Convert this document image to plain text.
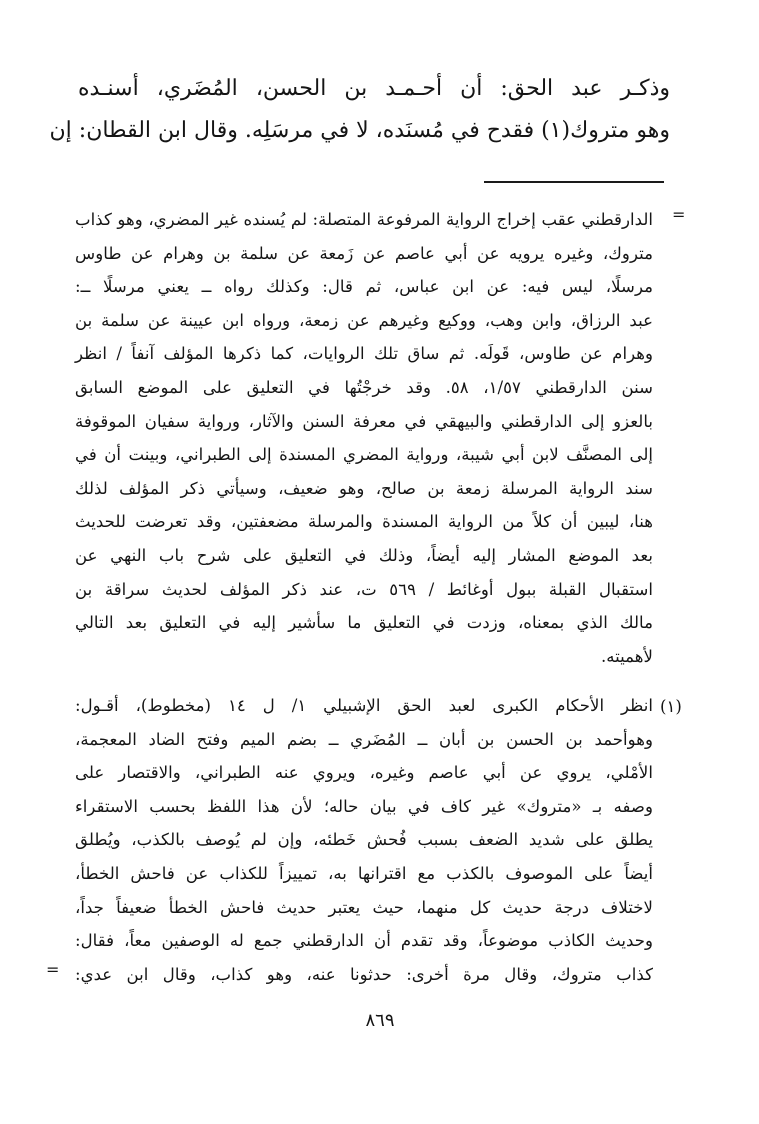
وذكـر عبد الحق: أن أحـمـد بن الحسن، المُضَري، أسنـده
وهو متروك(١) فقدح في مُسنَده، لا في مرسَلِه. وقال ابن القطان: إن
=
الدارقطني عقب إخراج الرواية المرفوعة المتصلة: لم يُسنده غير المضري، وهو كذاب
متروك، وغيره يرويه عن أبي عاصم عن زَمعة عن سلمة بن وهرام عن طاوس
مرسلًا، ليس فيه: عن ابن عباس، ثم قال: وكذلك رواه ــ يعني مرسلًا ــ:
عبد الرزاق، وابن وهب، ووكيع وغيرهم عن زمعة، ورواه ابن عيينة عن سلمة بن
وهرام عن طاوس، قَولَه. ثم ساق تلك الروايات، كما ذكرها المؤلف آنفاً / انظر
سنن الدارقطني ١/٥٧، ٥٨. وقد خرجْتُها في التعليق على الموضع السابق
بالعزو إلى الدارقطني والبيهقي في معرفة السنن والآثار، ورواية سفيان الموقوفة
إلى المصنَّف لابن أبي شيبة، ورواية المضري المسندة إلى الطبراني، وبينت أن في
سند الرواية المرسلة زمعة بن صالح، وهو ضعيف، وسيأتي ذكر المؤلف لذلك
هنا، ليبين أن كلاً من الرواية المسندة والمرسلة مضعفتين، وقد تعرضت للحديث
بعد الموضع المشار إليه أيضاً، وذلك في التعليق على شرح باب النهي عن
استقبال القبلة ببول أوغائط / ٥٦٩ ت، عند ذكر المؤلف لحديث سراقة بن
مالك الذي بمعناه، وزدت في التعليق ما سأشير إليه في التعليق بعد التالي
لأهميته.
(١)
انظر الأحكام الكبرى لعبد الحق الإشبيلي ١/ ل ١٤ (مخطوط)، أقـول:
وهوأحمد بن الحسن بن أبان ــ المُضَري ــ بضم الميم وفتح الضاد المعجمة،
الأمْلي، يروي عن أبي عاصم وغيره، ويروي عنه الطبراني، والاقتصار على
وصفه بـ «متروك» غير كاف في بيان حاله؛ لأن هذا اللفظ بحسب الاستقراء
يطلق على شديد الضعف بسبب فُحش خَطئه، وإن لم يُوصف بالكذب، ويُطلق
أيضاً على الموصوف بالكذب مع اقترانها به، تمييزاً للكذاب عن فاحش الخطأ،
لاختلاف درجة حديث كل منهما، حيث يعتبر حديث فاحش الخطأ ضعيفاً جداً،
وحديث الكاذب موضوعاً، وقد تقدم أن الدارقطني جمع له الوصفين معاً، فقال:
كذاب متروك، وقال مرة أخرى: حدثونا عنه، وهو كذاب، وقال ابن عدي:
=
٨٦٩
